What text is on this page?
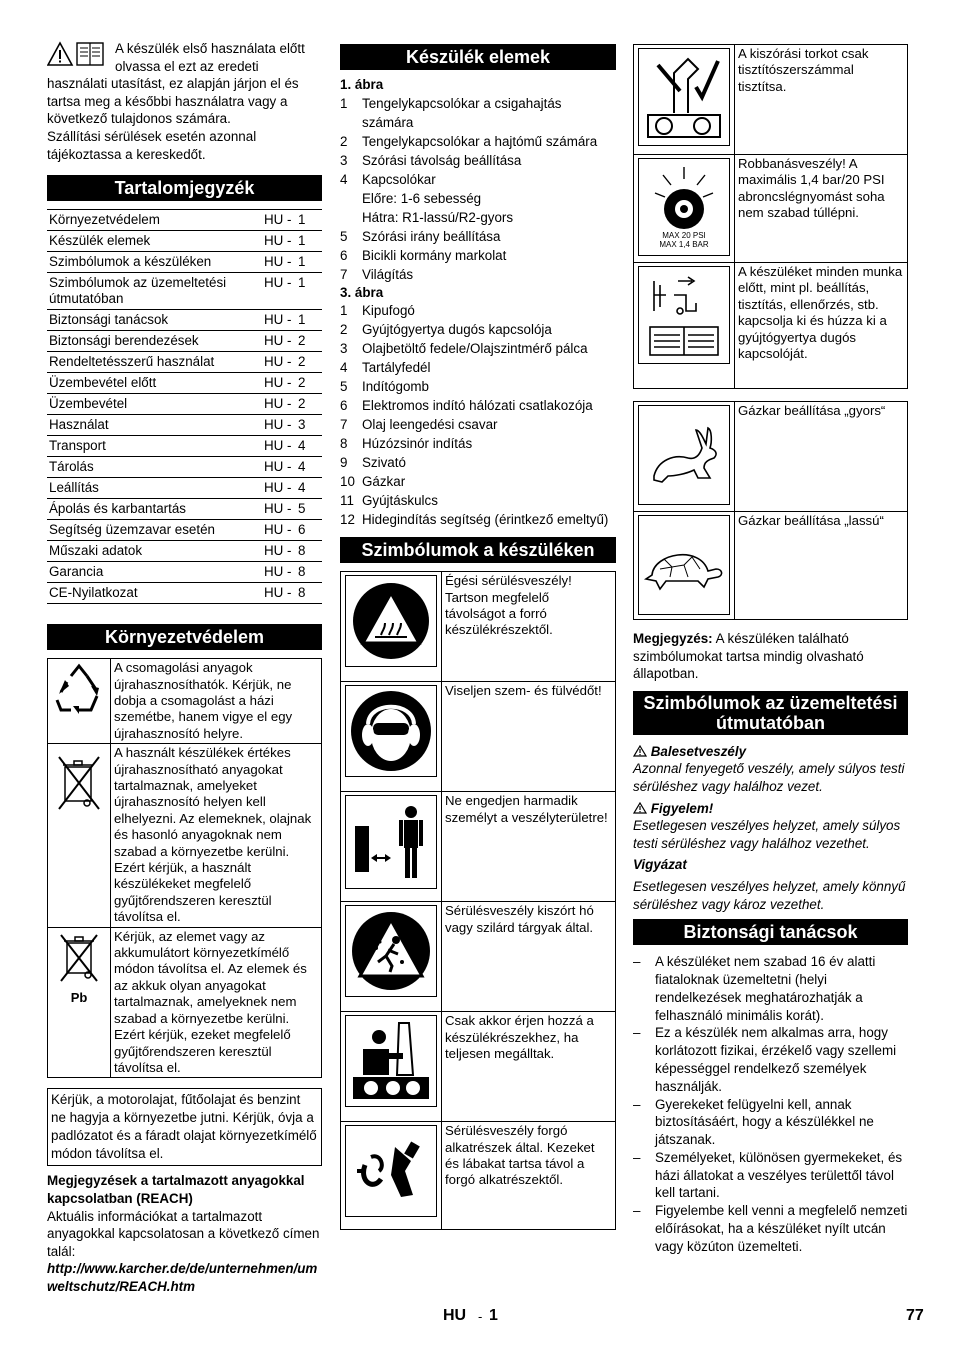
A készülék első használata előtt olvassa el ezt az eredeti használati utasítást, ez alapján járjon el és tartsa meg a későbbi használatra vagy a következő tulajdonos számára.

Szállítási sérülések esetén azonnal tájékoztassa a kereskedőt.

Tartalomjegyzék
Környezetvédelem	HU -	1
Készülék elemek	HU -	1
Szimbólumok a készüléken	HU -	1
Szimbólumok az üzemeltetési útmutatóban	HU -	1
Biztonsági tanácsok	HU -	1
Biztonsági berendezések	HU -	2
Rendeltetésszerű használat	HU -	2
Üzembevétel előtt	HU -	2
Üzembevétel	HU -	2
Használat	HU -	3
Transport	HU -	4
Tárolás	HU -	4
Leállítás	HU -	4
Ápolás és karbantartás	HU -	5
Segítség üzemzavar esetén	HU -	6
Műszaki adatok	HU -	8
Garancia	HU -	8
CE-Nyilatkozat	HU -	8
Környezetvédelem
	A csomagolási anyagok újrahasznosíthatók. Kérjük, ne dobja a csomagolást a házi szemétbe, hanem vigye el egy újrahasznosító helyre.
	A használt készülékek értékes újrahasznosítható anyagokat tartalmaznak, amelyeket újrahasznosító helyen kell elhelyezni. Az elemeknek, olajnak és hasonló anyagoknak nem szabad a környezetbe kerülni. Ezért kérjük, a használt készülékeket megfelelő gyűjtőrendszeren keresztül távolítsa el.

Pb	Kérjük, az elemet vagy az akkumulátort környezetkímélő módon távolítsa el. Az elemek és az akkuk olyan anyagokat tartalmaznak, amelyeknek nem szabad a környezetbe kerülni. Ezért kérjük, ezeket megfelelő gyűjtőrendszeren keresztül távolítsa el.
Kérjük, a motorolajat, fűtőolajat és benzint ne hagyja a környezetbe jutni. Kérjük, óvja a padlózatot és a fáradt olajat környezetkímélő módon távolítsa el.

Megjegyzések a tartalmazott anyagokkal kapcsolatban (REACH)

Aktuális információkat a tartalmazott anyagokkal kapcsolatosan a következő címen talál:

http://www.karcher.de/de/unternehmen/umweltschutz/REACH.htm

Készülék elemek

1. ábra

1	Tengelykapcsolókar a csigahajtás számára
2	Tengelykapcsolókar a hajtómű számára
3	Szórási távolság beállítása
4	Kapcsolókar
Előre: 1-6 sebesség
Hátra: R1-lassú/R2-gyors
5	Szórási irány beállítása
6	Bicikli kormány markolat
7	Világítás

3. ábra

1	Kipufogó
2	Gyújtógyertya dugós kapcsolója
3	Olajbetöltő fedele/Olajszintmérő pálca
4	Tartályfedél
5	Indítógomb
6	Elektromos indító hálózati csatlakozója
7	Olaj leengedési csavar
8	Húzózsinór indítás
9	Szivató
10 Gázkar
11 Gyújtáskulcs
12 Hidegindítás segítség (érintkező emeltyű)
Szimbólumok a készüléken
	Égési sérülésveszély! Tartson megfelelő távolságot a forró készülékrészektől.

	Viseljen szem- és fülvédőt!

	Ne engedjen harmadik személyt a veszélyterületre!

	Sérülésveszély kiszórt hó vagy szilárd tárgyak által.

	Csak akkor érjen hozzá a készülékrészekhez, ha teljesen megálltak.

	Sérülésveszély forgó alkatrészek által. Kezeket és lábakat tartsa távol a forgó alkatrészektől.
	A kiszórási torkot csak tisztítószerszámmal tisztítsa.

MAX 20 PSI
MAX 1,4 BAR	Robbanásveszély! A maximális 1,4 bar/20 PSI abroncslégnyomást soha nem szabad túllépni.

	A készüléket minden munka előtt, mint pl. beállítás, tisztítás, ellenőrzés, stb. kapcsolja ki és húzza ki a gyújtógyertya dugós kapcsolóját.
	Gázkar beállítása „gyors“

	Gázkar beállítása „lassú“

Megjegyzés: A készüléken található szimbólumokat tartsa mindig olvasható állapotban.

Szimbólumok az üzemeltetési útmutatóban

Balesetveszély

Azonnal fenyegető veszély, amely súlyos testi sérüléshez vagy halálhoz vezet.

Figyelem!

Esetlegesen veszélyes helyzet, amely súlyos testi sérüléshez vagy halálhoz vezethet.

Vigyázat

Esetlegesen veszélyes helyzet, amely könnyű sérüléshez vagy károz vezethet.

Biztonsági tanácsok
–	A készüléket nem szabad 16 év alatti fiataloknak üzemeltetni (helyi rendelkezések meghatározhatják a felhasználó minimális korát).
–	Ez a készülék nem alkalmas arra, hogy korlátozott fizikai, érzékelő vagy szellemi képességgel rendelkező személyek használják.
–	Gyerekeket felügyelni kell, annak biztosításáért, hogy a készülékkel ne játszanak.
–	Személyeket, különösen gyermekeket, és házi állatokat a veszélyes területtől távol kell tartani.
–	Figyelembe kell venni a megfelelő nemzeti előírásokat, ha a készüléket nyílt utcán vagy közúton üzemelteti.
HU - 1	77
